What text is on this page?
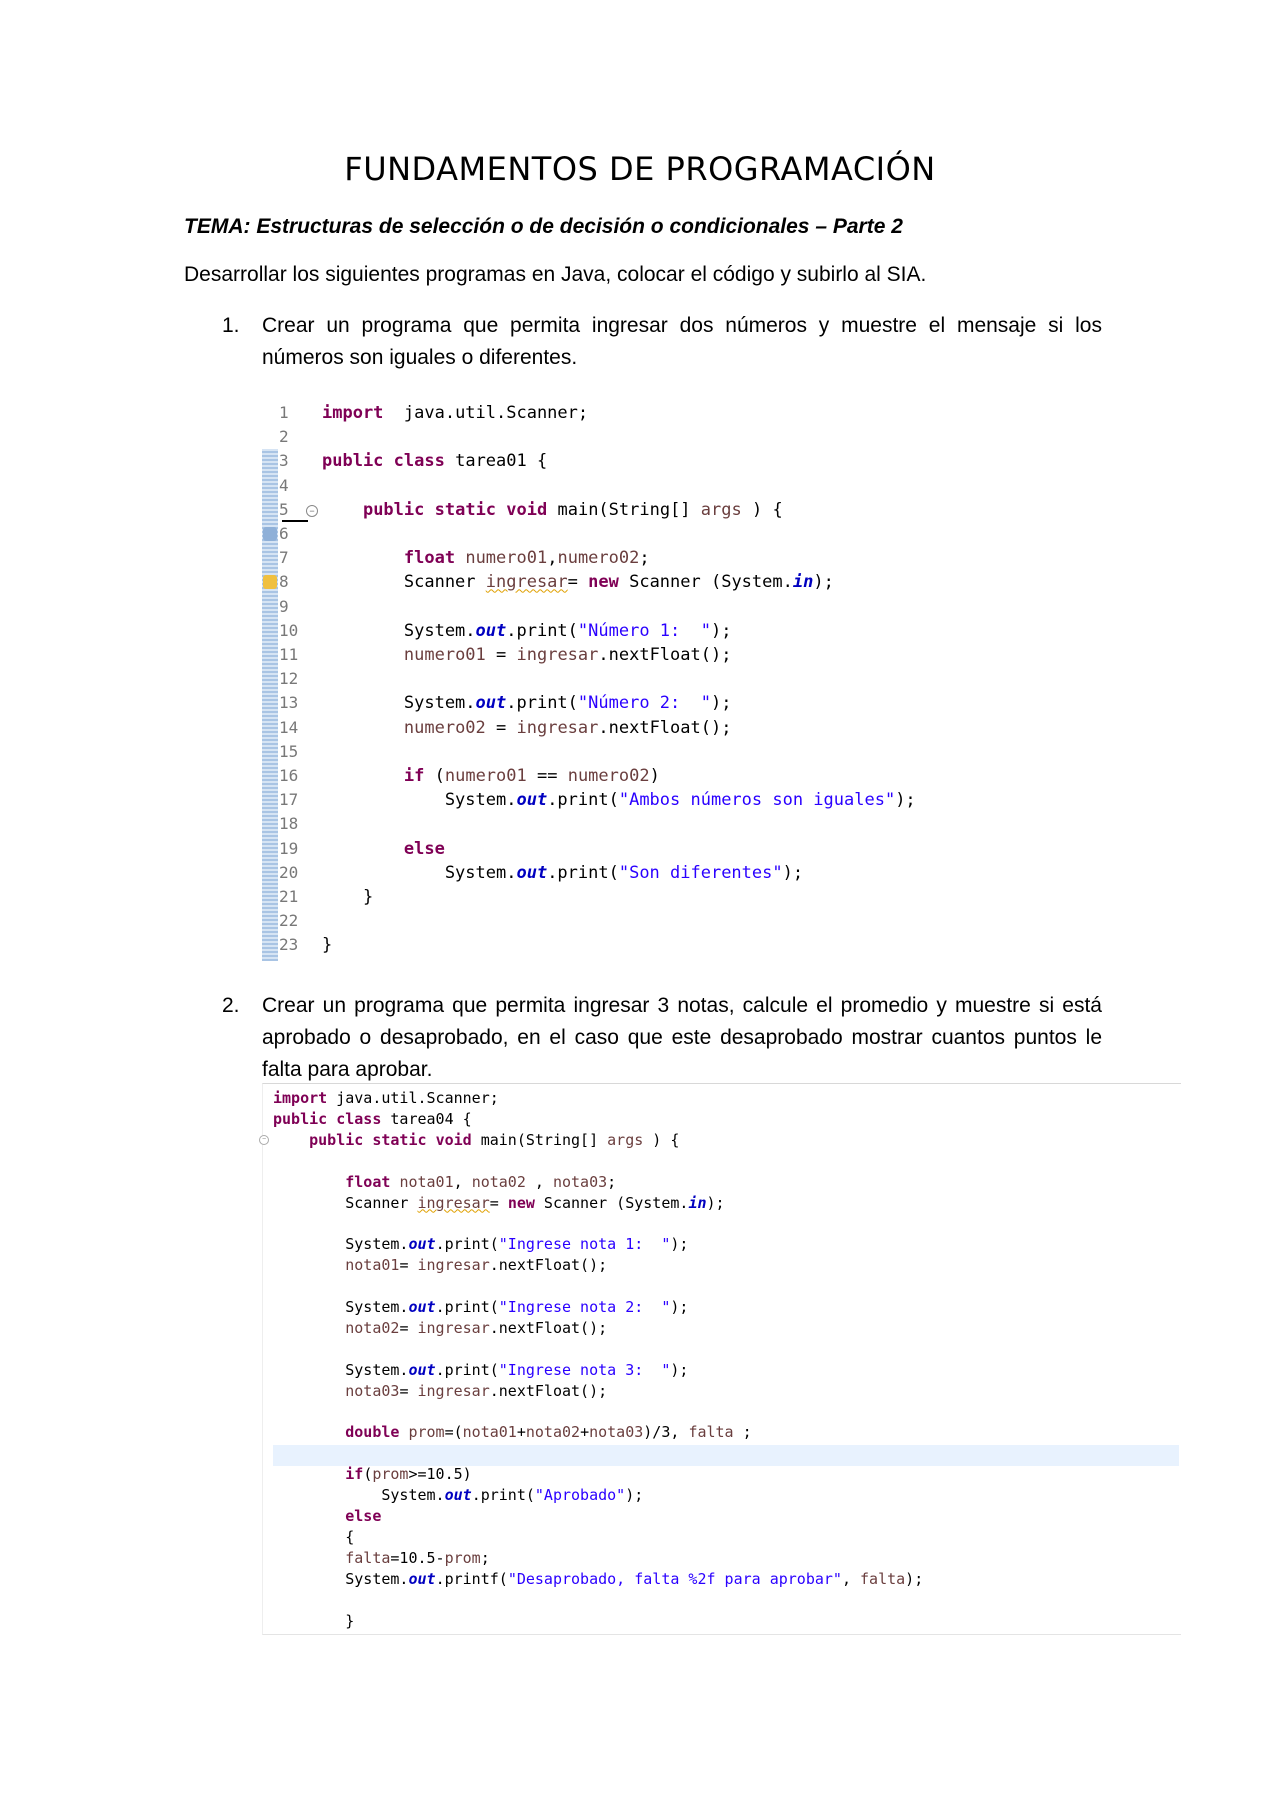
FUNDAMENTOS DE PROGRAMACIÓN
TEMA: Estructuras de selección o de decisión o condicionales – Parte 2
Desarrollar los siguientes programas en Java, colocar el código y subirlo al SIA.
1. Crear un programa que permita ingresar dos números y muestre el mensaje si los números son iguales o diferentes.
1	import  java.util.Scanner;
2
3	public class tarea01 {
4
5	public static void main(String[] args ) {
6
7	float numero01,numero02;
8	Scanner ingresar= new Scanner (System.in);
9
10	System.out.print("Número 1:  ");
11	numero01 = ingresar.nextFloat();
12
13	System.out.print("Número 2:  ");
14	numero02 = ingresar.nextFloat();
15
16	if (numero01 == numero02)
17	System.out.print("Ambos números son iguales");
18
19	else
20	System.out.print("Son diferentes");
21	}
22
23	}
−
2. Crear un programa que permita ingresar 3 notas, calcule el promedio y muestre si está aprobado o desaprobado, en el caso que este desaprobado mostrar cuantos puntos le falta para aprobar.
import java.util.Scanner;
public class tarea04 {
public static void main(String[] args ) {
float nota01, nota02 , nota03;
Scanner ingresar= new Scanner (System.in);
System.out.print("Ingrese nota 1:  ");
nota01= ingresar.nextFloat();
System.out.print("Ingrese nota 2:  ");
nota02= ingresar.nextFloat();
System.out.print("Ingrese nota 3:  ");
nota03= ingresar.nextFloat();
double prom=(nota01+nota02+nota03)/3, falta ;
if(prom>=10.5)
System.out.print("Aprobado");
else
{
falta=10.5-prom;
System.out.printf("Desaprobado, falta %2f para aprobar", falta);
}
−
